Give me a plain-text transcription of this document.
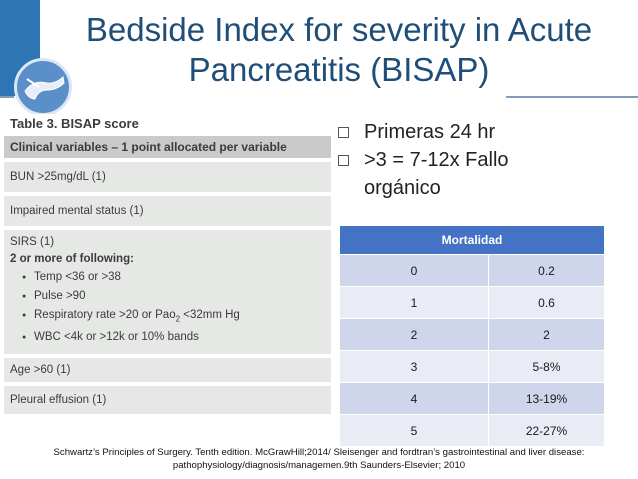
Bedside Index for severity in Acute
Pancreatitis (BISAP)
Table 3. BISAP score
Clinical variables – 1 point allocated per variable
BUN >25mg/dL (1)
Impaired mental status (1)
SIRS (1)
2 or more of following:
● Temp <36 or >38
● Pulse >90
● Respiratory rate >20 or Pao$_2$ <32mm Hg
● WBC <4k or >12k or 10% bands
Age >60 (1)
Pleural effusion (1)
Primeras 24 hr
>3 = 7-12x Fallo
orgánico
Mortalidad	
0	0.2
1	0.6
2	2
3	5-8%
4	13-19%
5	22-27%
Schwartz’s Principles of Surgery. Tenth edition. McGrawHill;2014/ Sleisenger and fordtran’s gastrointestinal and liver disease:
pathophysiology/diagnosis/managemen.9th Saunders-Elsevier; 2010
